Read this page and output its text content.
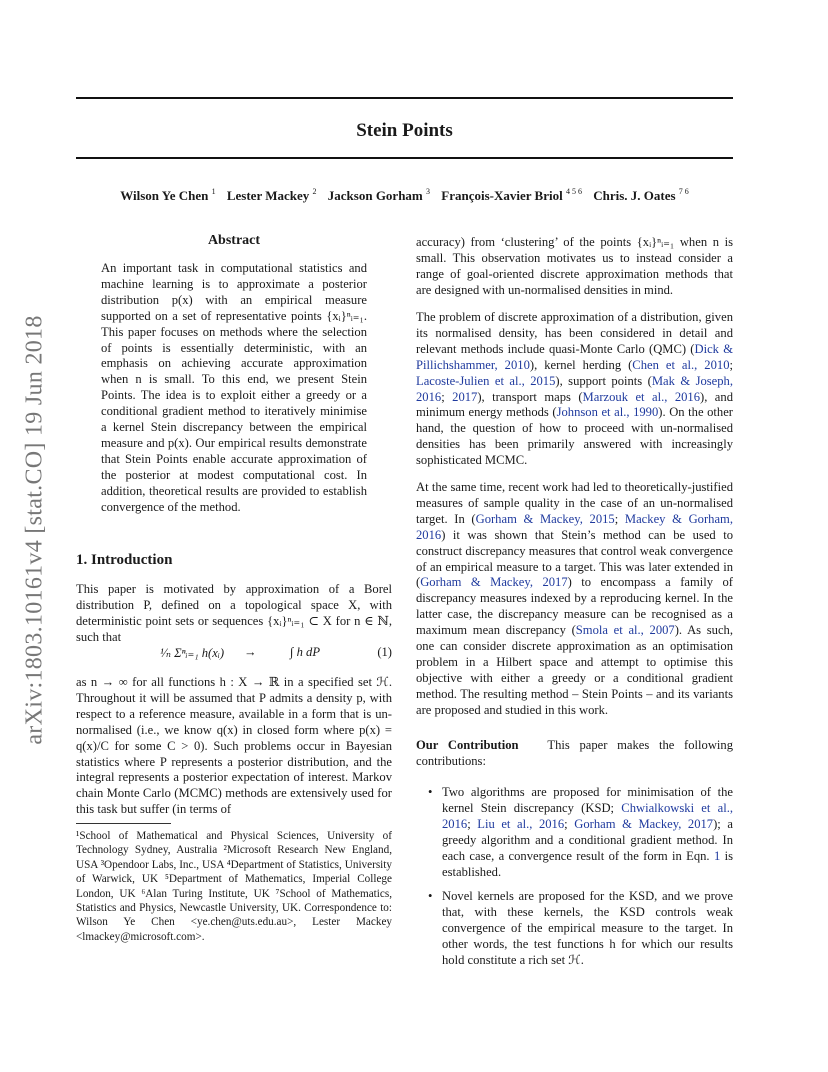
arXiv:1803.10161v4 [stat.CO] 19 Jun 2018
Stein Points
Wilson Ye Chen $^1$ Lester Mackey $^2$ Jackson Gorham $^3$ François-Xavier Briol $^{4 5 6}$ Chris. J. Oates $^{7 6}$
Abstract

An important task in computational statistics and machine learning is to approximate a posterior distribution p(x) with an empirical measure supported on a set of representative points {xᵢ}ⁿᵢ₌₁. This paper focuses on methods where the selection of points is essentially deterministic, with an emphasis on achieving accurate approximation when n is small. To this end, we present Stein Points. The idea is to exploit either a greedy or a conditional gradient method to iteratively minimise a kernel Stein discrepancy between the empirical measure and p(x). Our empirical results demonstrate that Stein Points enable accurate approximation of the posterior at modest computational cost. In addition, theoretical results are provided to establish convergence of the method.

1. Introduction

This paper is motivated by approximation of a Borel distribution P, defined on a topological space X, with deterministic point sets or sequences {xᵢ}ⁿᵢ₌₁ ⊂ X for n ∈ ℕ, such that

¹⁄ₙ Σⁿᵢ₌₁ h(xᵢ) →	∫ h dP	(1)

as n → ∞ for all functions h : X → ℝ in a specified set ℋ. Throughout it will be assumed that P admits a density p, with respect to a reference measure, available in a form that is un-normalised (i.e., we know q(x) in closed form where p(x) = q(x)/C for some C > 0). Such problems occur in Bayesian statistics where P represents a posterior distribution, and the integral represents a posterior expectation of interest. Markov chain Monte Carlo (MCMC) methods are extensively used for this task but suffer (in terms of

¹School of Mathematical and Physical Sciences, University of Technology Sydney, Australia ²Microsoft Research New England, USA ³Opendoor Labs, Inc., USA ⁴Department of Statistics, University of Warwick, UK ⁵Department of Mathematics, Imperial College London, UK ⁶Alan Turing Institute, UK ⁷School of Mathematics, Statistics and Physics, Newcastle University, UK. Correspondence to: Wilson Ye Chen <ye.chen@uts.edu.au>, Lester Mackey <lmackey@microsoft.com>.

accuracy) from ‘clustering’ of the points {xᵢ}ⁿᵢ₌₁ when n is small. This observation motivates us to instead consider a range of goal-oriented discrete approximation methods that are designed with un-normalised densities in mind.

The problem of discrete approximation of a distribution, given its normalised density, has been considered in detail and relevant methods include quasi-Monte Carlo (QMC) (Dick & Pillichshammer, 2010), kernel herding (Chen et al., 2010; Lacoste-Julien et al., 2015), support points (Mak & Joseph, 2016; 2017), transport maps (Marzouk et al., 2016), and minimum energy methods (Johnson et al., 1990). On the other hand, the question of how to proceed with un-normalised densities has been primarily answered with increasingly sophisticated MCMC.

At the same time, recent work had led to theoretically-justified measures of sample quality in the case of an un-normalised target. In (Gorham & Mackey, 2015; Mackey & Gorham, 2016) it was shown that Stein’s method can be used to construct discrepancy measures that control weak convergence of an empirical measure to a target. This was later extended in (Gorham & Mackey, 2017) to encompass a family of discrepancy measures indexed by a reproducing kernel. In the latter case, the discrepancy measure can be recognised as a maximum mean discrepancy (Smola et al., 2007). As such, one can consider discrete approximation as an optimisation problem in a Hilbert space and attempt to optimise this objective with either a greedy or a conditional gradient method. The resulting method – Stein Points – and its variants are proposed and studied in this work.

Our Contribution This paper makes the following contributions:

• Two algorithms are proposed for minimisation of the kernel Stein discrepancy (KSD; Chwialkowski et al., 2016; Liu et al., 2016; Gorham & Mackey, 2017); a greedy algorithm and a conditional gradient method. In each case, a convergence result of the form in Eqn. 1 is established.
• Novel kernels are proposed for the KSD, and we prove that, with these kernels, the KSD controls weak convergence of the empirical measure to the target. In other words, the test functions h for which our results hold constitute a rich set ℋ.
